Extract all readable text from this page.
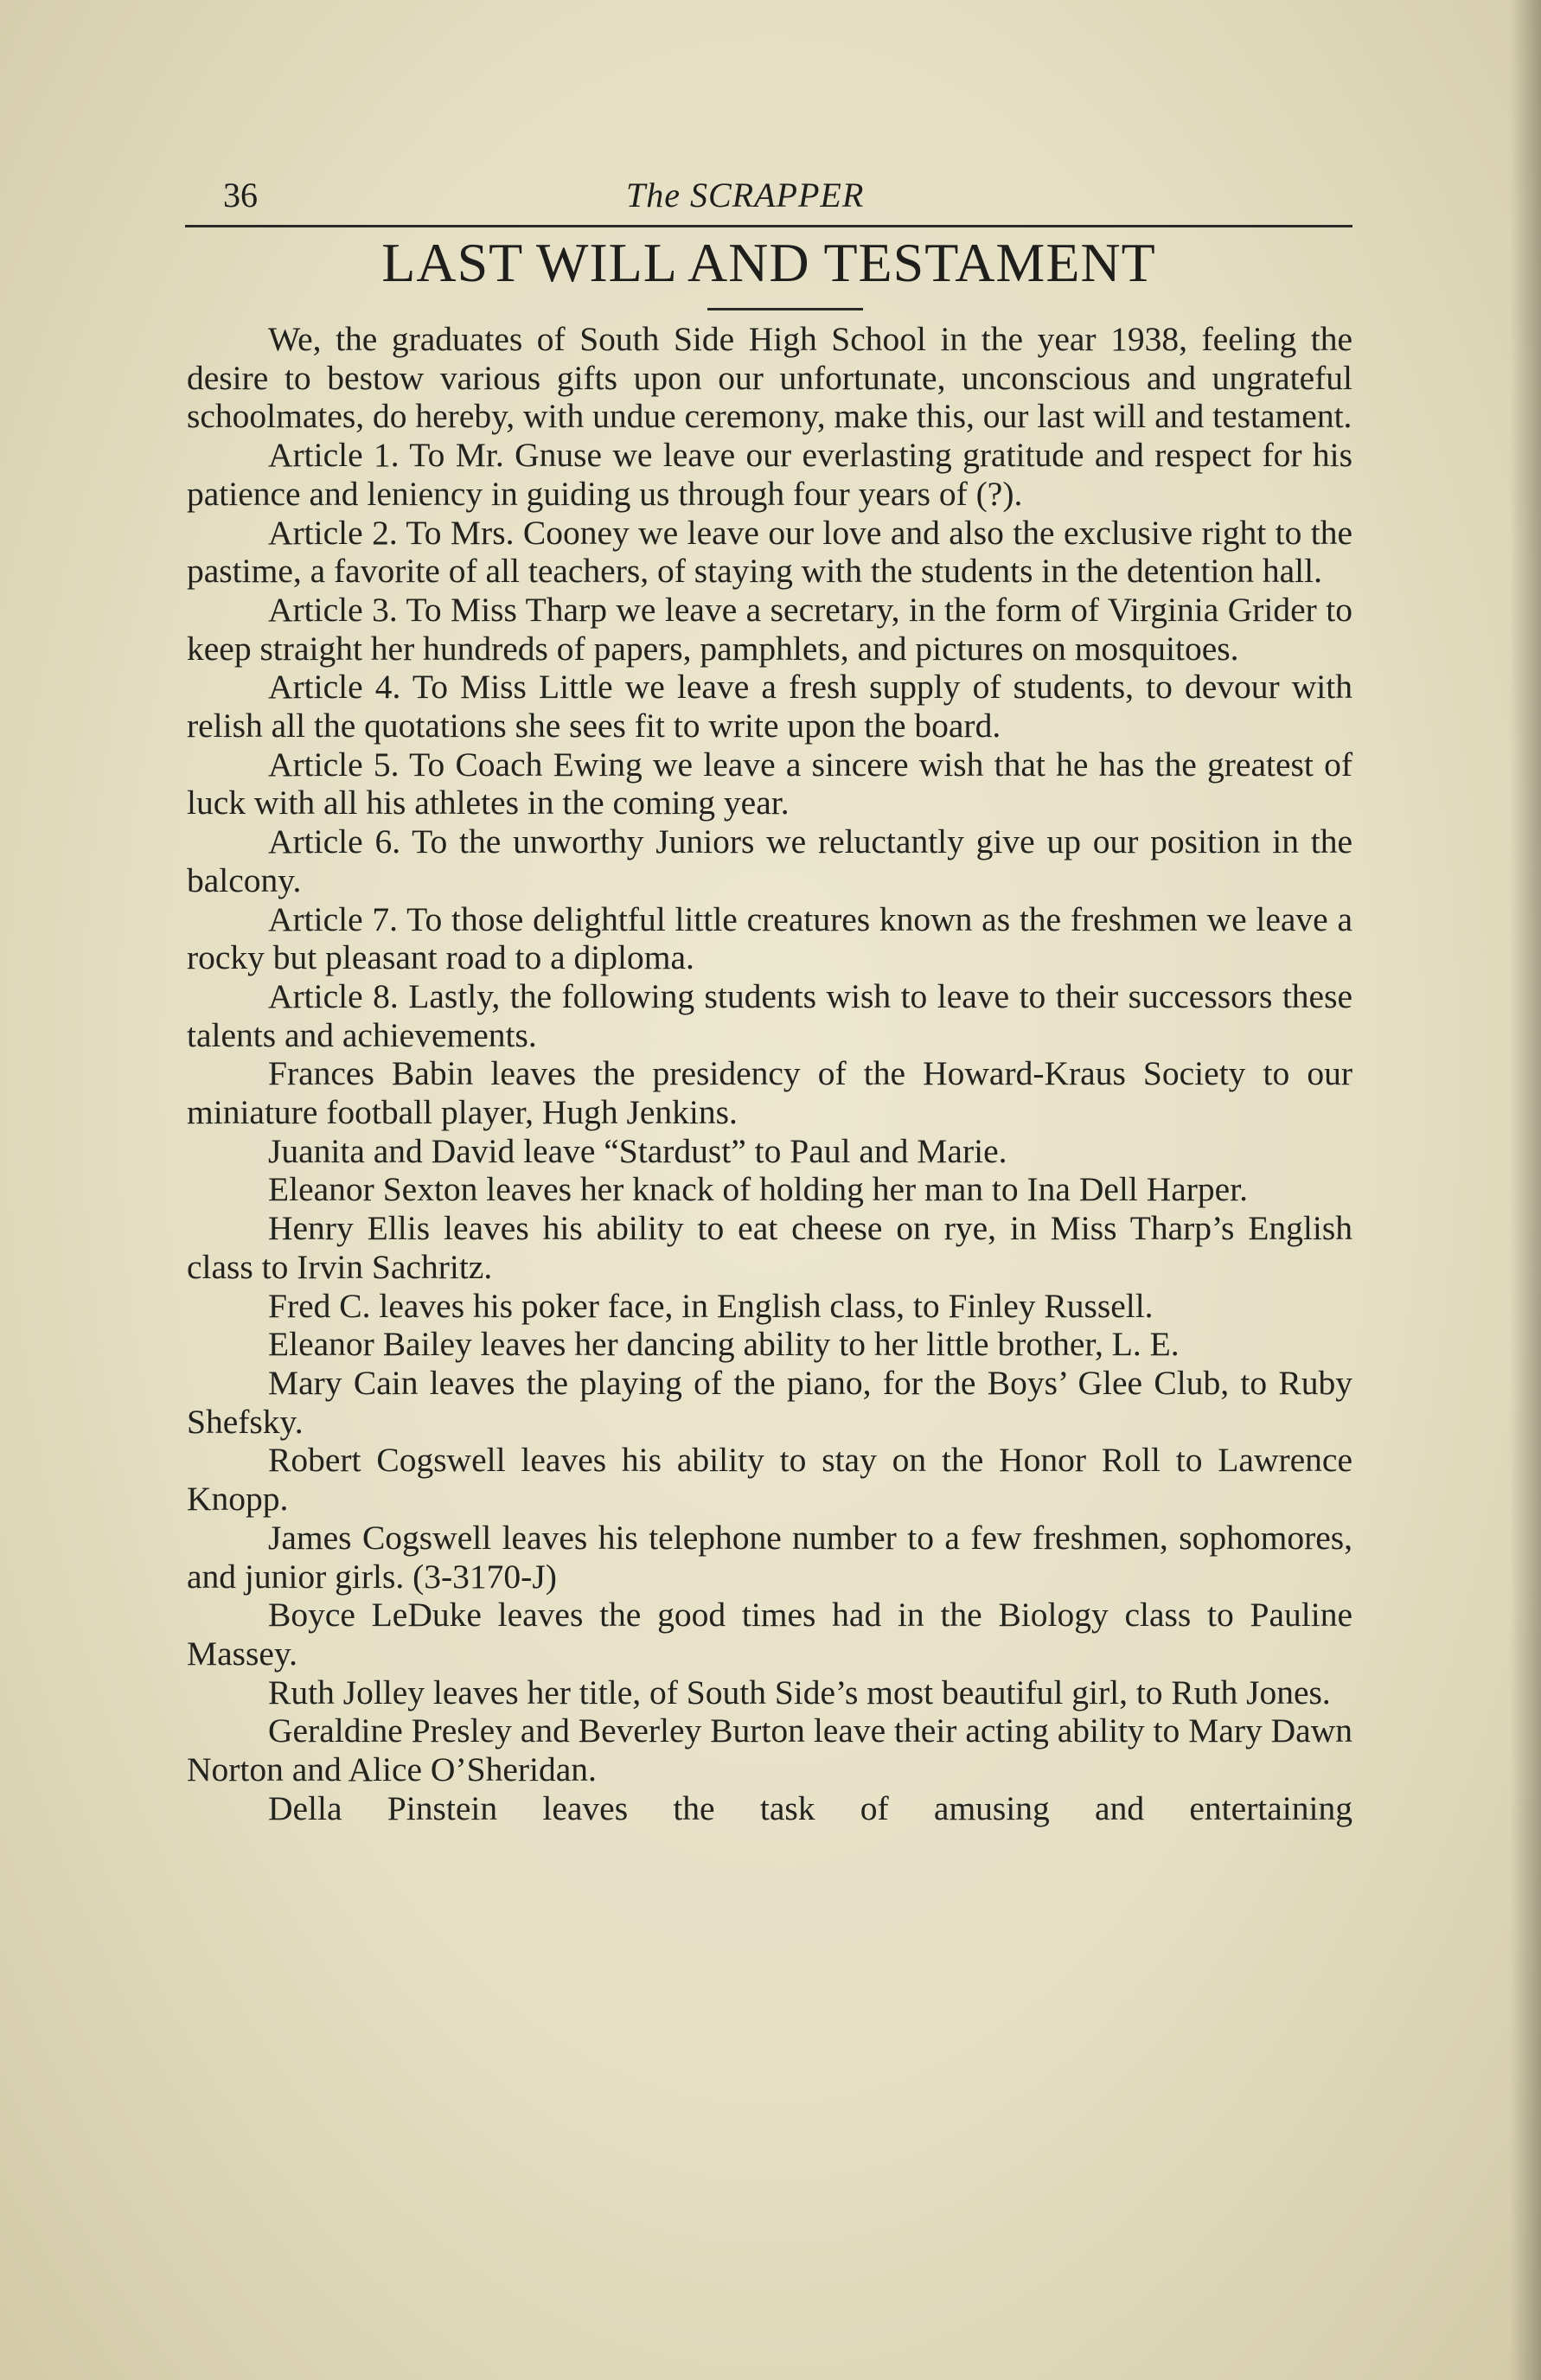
36	The SCRAPPER
LAST WILL AND TESTAMENT

We, the graduates of South Side High School in the year 1938, feeling the desire to bestow various gifts upon our unfortunate, unconscious and ungrateful schoolmates, do hereby, with undue ceremony, make this, our last will and testament.

Article 1. To Mr. Gnuse we leave our everlasting gratitude and respect for his patience and leniency in guiding us through four years of (?).

Article 2. To Mrs. Cooney we leave our love and also the exclusive right to the pastime, a favorite of all teachers, of staying with the students in the detention hall.

Article 3. To Miss Tharp we leave a secretary, in the form of Virginia Grider to keep straight her hundreds of papers, pamphlets, and pictures on mosquitoes.

Article 4. To Miss Little we leave a fresh supply of students, to devour with relish all the quotations she sees fit to write upon the board.

Article 5. To Coach Ewing we leave a sincere wish that he has the greatest of luck with all his athletes in the coming year.

Article 6. To the unworthy Juniors we reluctantly give up our position in the balcony.

Article 7. To those delightful little creatures known as the freshmen we leave a rocky but pleasant road to a diploma.

Article 8. Lastly, the following students wish to leave to their successors these talents and achievements.

Frances Babin leaves the presidency of the Howard-Kraus Society to our miniature football player, Hugh Jenkins.

Juanita and David leave “Stardust” to Paul and Marie.

Eleanor Sexton leaves her knack of holding her man to Ina Dell Harper.

Henry Ellis leaves his ability to eat cheese on rye, in Miss Tharp’s English class to Irvin Sachritz.

Fred C. leaves his poker face, in English class, to Finley Russell.

Eleanor Bailey leaves her dancing ability to her little brother, L. E.

Mary Cain leaves the playing of the piano, for the Boys’ Glee Club, to Ruby Shefsky.

Robert Cogswell leaves his ability to stay on the Honor Roll to Lawrence Knopp.

James Cogswell leaves his telephone number to a few freshmen, sophomores, and junior girls. (3-3170-J)

Boyce LeDuke leaves the good times had in the Biology class to Pauline Massey.

Ruth Jolley leaves her title, of South Side’s most beautiful girl, to Ruth Jones.

Geraldine Presley and Beverley Burton leave their acting ability to Mary Dawn Norton and Alice O’Sheridan.

Della Pinstein leaves the task of amusing and entertaining
